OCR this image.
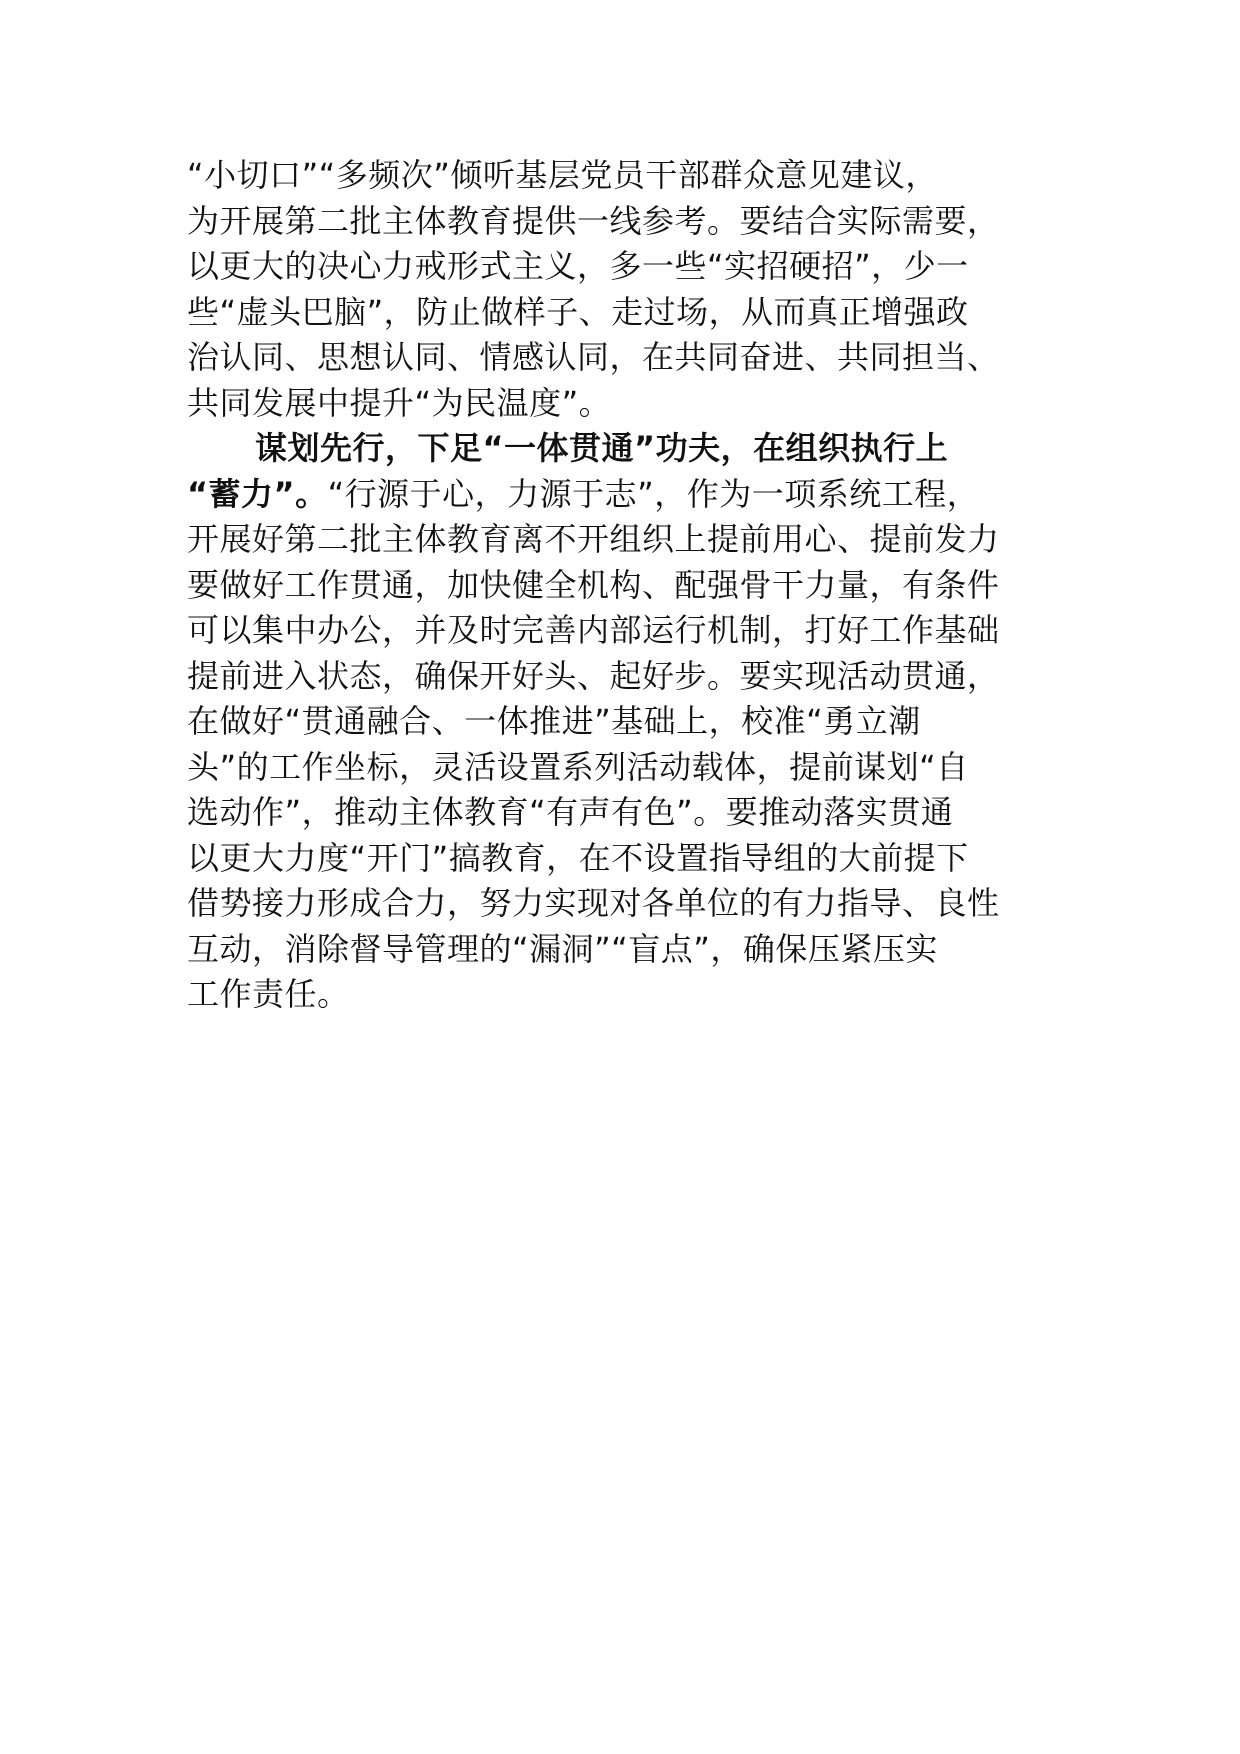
“小切口”“多频次”倾听基层党员干部群众意见建议，
为开展第二批主体教育提供一线参考。要结合实际需要，
以更大的决心力戒形式主义，多一些“实招硬招”，少一
些“虚头巴脑”，防止做样子、走过场，从而真正增强政
治认同、思想认同、情感认同，在共同奋进、共同担当、
共同发展中提升“为民温度”。
谋划先行，下足“一体贯通”功夫，在组织执行上
“蓄力”。“行源于心，力源于志”，作为一项系统工程，
开展好第二批主体教育离不开组织上提前用心、提前发力
要做好工作贯通，加快健全机构、配强骨干力量，有条件
可以集中办公，并及时完善内部运行机制，打好工作基础
提前进入状态，确保开好头、起好步。要实现活动贯通，
在做好“贯通融合、一体推进”基础上，校准“勇立潮
头”的工作坐标，灵活设置系列活动载体，提前谋划“自
选动作”，推动主体教育“有声有色”。要推动落实贯通
以更大力度“开门”搞教育，在不设置指导组的大前提下
借势接力形成合力，努力实现对各单位的有力指导、良性
互动，消除督导管理的“漏洞”“盲点”，确保压紧压实
工作责任。
